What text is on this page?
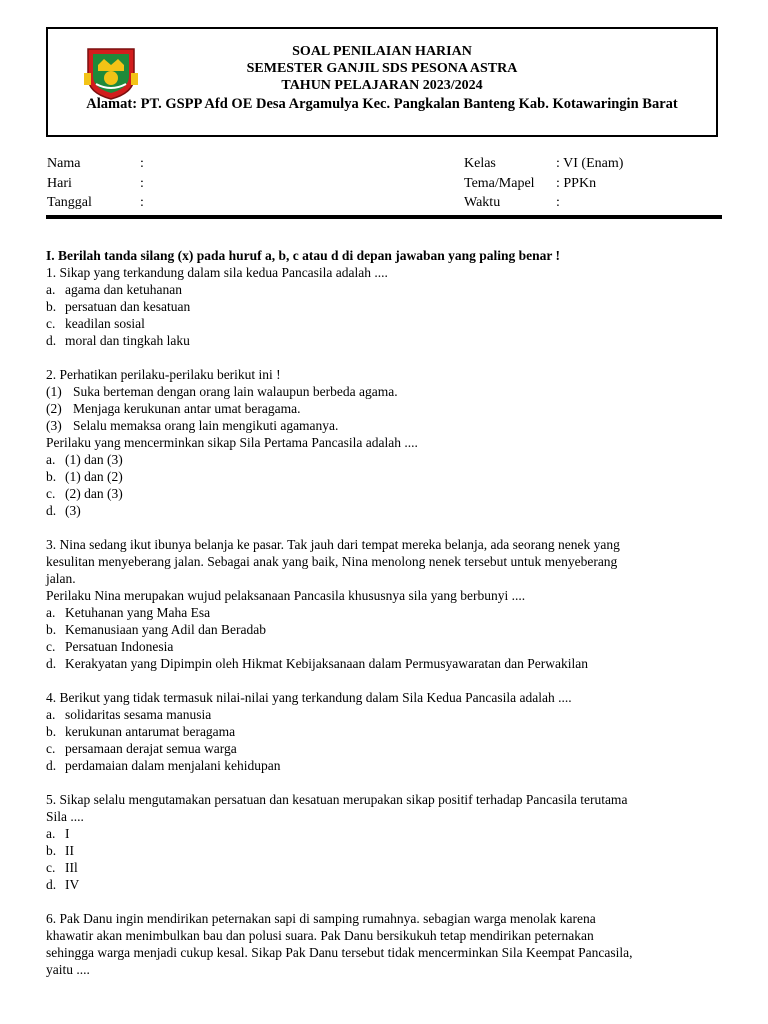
SOAL PENILAIAN HARIAN
SEMESTER GANJIL SDS PESONA ASTRA
TAHUN PELAJARAN 2023/2024
Alamat: PT. GSPP Afd OE Desa Argamulya Kec. Pangkalan Banteng Kab. Kotawaringin Barat
Nama	:
Hari	:
Tanggal	:
Kelas	: VI (Enam)
Tema/Mapel	: PPKn
Waktu	:
I. Berilah tanda silang (x) pada huruf a, b, c atau d di depan jawaban yang paling benar !
1. Sikap yang terkandung dalam sila kedua Pancasila adalah ....
a. agama dan ketuhanan
b. persatuan dan kesatuan
c. keadilan sosial
d. moral dan tingkah laku
2. Perhatikan perilaku-perilaku berikut ini !
(1) Suka berteman dengan orang lain walaupun berbeda agama.
(2) Menjaga kerukunan antar umat beragama.
(3) Selalu memaksa orang lain mengikuti agamanya.
Perilaku yang mencerminkan sikap Sila Pertama Pancasila adalah ....
a. (1) dan (3)
b. (1) dan (2)
c. (2) dan (3)
d. (3)
3. Nina sedang ikut ibunya belanja ke pasar. Tak jauh dari tempat mereka belanja, ada seorang nenek yang
kesulitan menyeberang jalan. Sebagai anak yang baik, Nina menolong nenek tersebut untuk menyeberang
jalan.
Perilaku Nina merupakan wujud pelaksanaan Pancasila khususnya sila yang berbunyi ....
a. Ketuhanan yang Maha Esa
b. Kemanusiaan yang Adil dan Beradab
c. Persatuan Indonesia
d. Kerakyatan yang Dipimpin oleh Hikmat Kebijaksanaan dalam Permusyawaratan dan Perwakilan
4. Berikut yang tidak termasuk nilai-nilai yang terkandung dalam Sila Kedua Pancasila adalah ....
a. solidaritas sesama manusia
b. kerukunan antarumat beragama
c. persamaan derajat semua warga
d. perdamaian dalam menjalani kehidupan
5. Sikap selalu mengutamakan persatuan dan kesatuan merupakan sikap positif terhadap Pancasila terutama
Sila ....
a. I
b. II
c. IIl
d. IV
6. Pak Danu ingin mendirikan peternakan sapi di samping rumahnya. sebagian warga menolak karena
khawatir akan menimbulkan bau dan polusi suara. Pak Danu bersikukuh tetap mendirikan peternakan
sehingga warga menjadi cukup kesal. Sikap Pak Danu tersebut tidak mencerminkan Sila Keempat Pancasila,
yaitu ....
